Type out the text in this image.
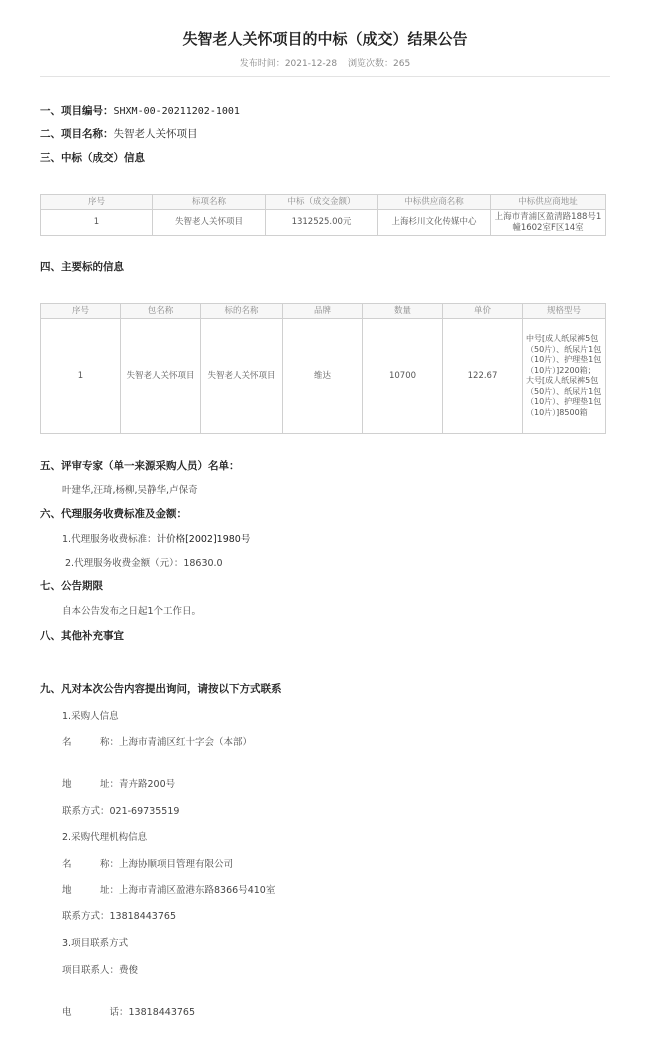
失智老人关怀项目的中标（成交）结果公告
发布时间：2021-12-28 浏览次数：265
一、项目编号：SHXM-00-20211202-1001
二、项目名称：失智老人关怀项目
三、中标（成交）信息
序号	标项名称	中标（成交金额）	中标供应商名称	中标供应商地址
1	失智老人关怀项目	1312525.00元	上海杉川文化传媒中心	上海市青浦区盈清路188号1幢1602室F区14室
四、主要标的信息
序号	包名称	标的名称	品牌	数量	单价	规格型号
1	失智老人关怀项目	失智老人关怀项目	维达	10700	122.67	中号[成人纸尿裤5包（50片）、纸尿片1包（10片）、护理垫1包（10片）]2200箱；大号[成人纸尿裤5包（50片）、纸尿片1包（10片）、护理垫1包（10片）]8500箱
五、评审专家（单一来源采购人员）名单：
叶建华,汪琦,杨柳,吴静华,卢保奇
六、代理服务收费标准及金额：
1.代理服务收费标准：计价格[2002]1980号
2.代理服务收费金额（元）：18630.0
七、公告期限
自本公告发布之日起1个工作日。
八、其他补充事宜
九、凡对本次公告内容提出询问，请按以下方式联系
1.采购人信息
名　　　称：上海市青浦区红十字会（本部）
地　　　址：青卉路200号
联系方式：021-69735519
2.采购代理机构信息
名　　　称：上海协顺项目管理有限公司
地　　　址：上海市青浦区盈港东路8366号410室
联系方式：13818443765
3.项目联系方式
项目联系人：费俊
电　　　　话：13818443765
